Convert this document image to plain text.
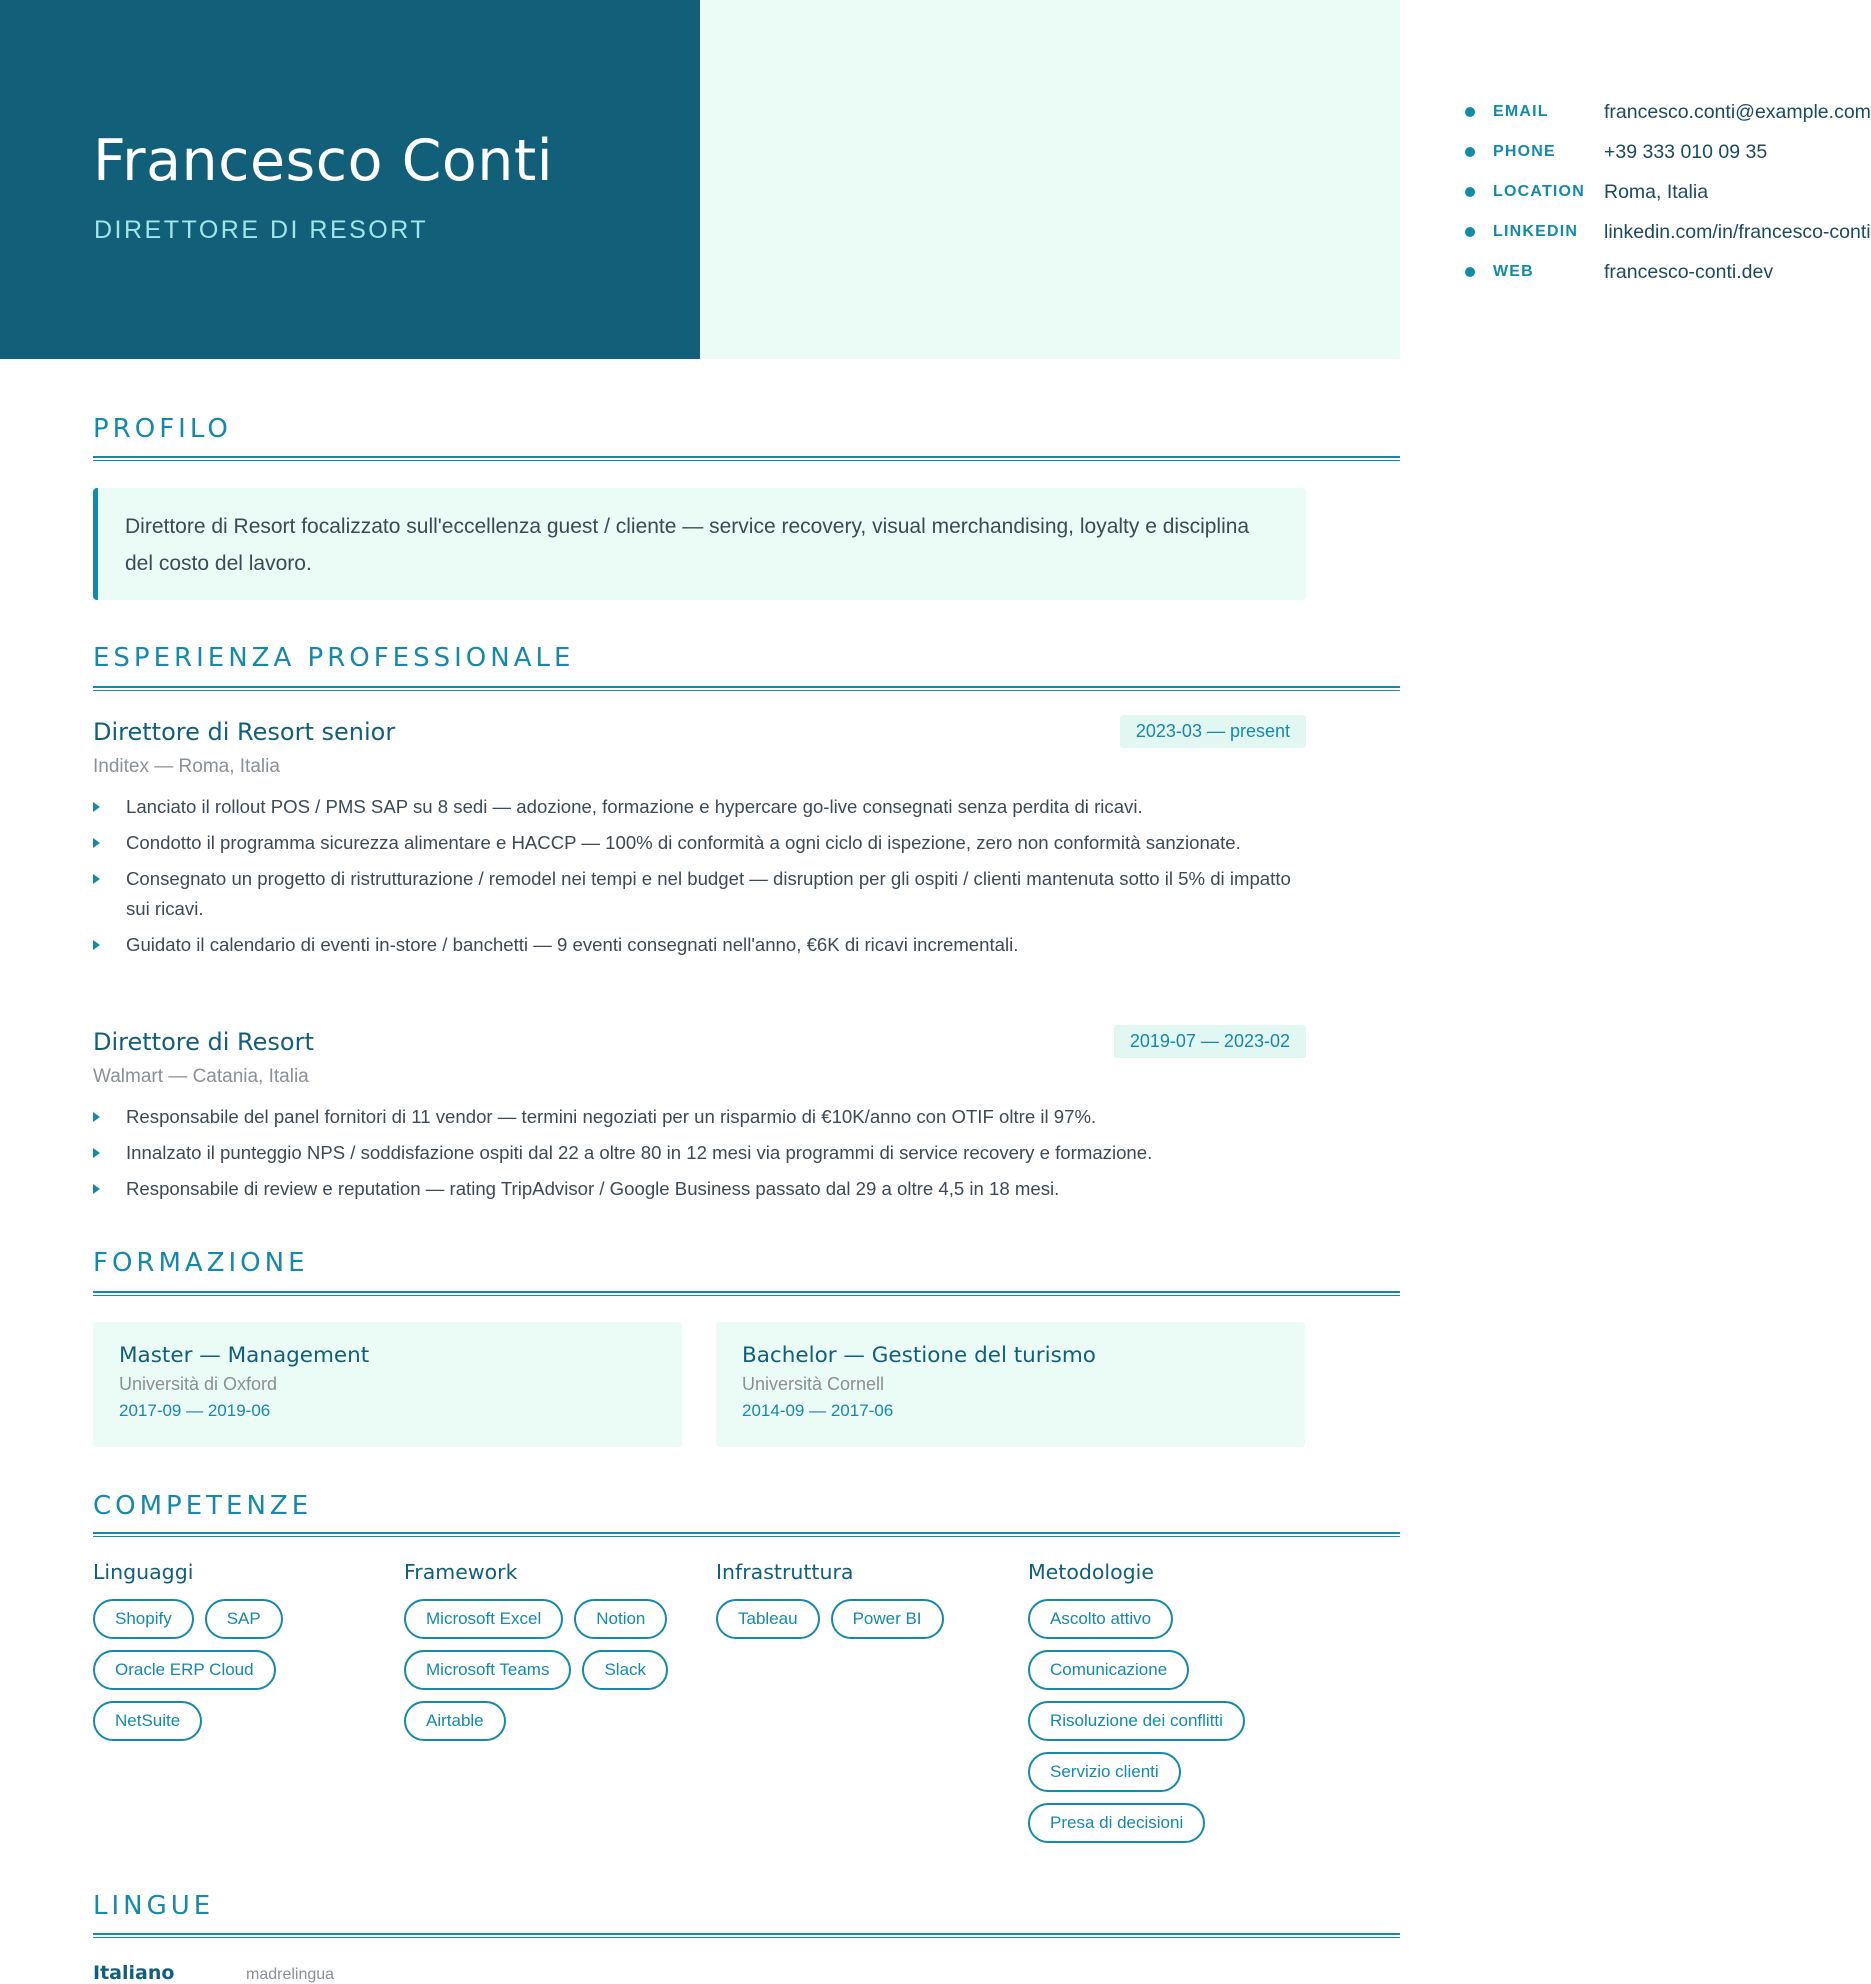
Francesco Conti
DIRETTORE DI RESORT
EMAIL	francesco.conti@example.com
PHONE	+39 333 010 09 35
LOCATION Roma, Italia
LINKEDIN	linkedin.com/in/francesco-conti
WEB	francesco-conti.dev
PROFILO
Direttore di Resort focalizzato sull'eccellenza guest / cliente — service recovery, visual merchandising, loyalty e disciplina del costo del lavoro.
ESPERIENZA PROFESSIONALE
Direttore di Resort senior
Inditex — Roma, Italia
2023-03 — present
Lanciato il rollout POS / PMS SAP su 8 sedi — adozione, formazione e hypercare go-live consegnati senza perdita di ricavi.
Condotto il programma sicurezza alimentare e HACCP — 100% di conformità a ogni ciclo di ispezione, zero non conformità sanzionate.
Consegnato un progetto di ristrutturazione / remodel nei tempi e nel budget — disruption per gli ospiti / clienti mantenuta sotto il 5% di impatto sui ricavi.
Guidato il calendario di eventi in-store / banchetti — 9 eventi consegnati nell'anno, €6K di ricavi incrementali.
Direttore di Resort
Walmart — Catania, Italia
2019-07 — 2023-02
Responsabile del panel fornitori di 11 vendor — termini negoziati per un risparmio di €10K/anno con OTIF oltre il 97%.
Innalzato il punteggio NPS / soddisfazione ospiti dal 22 a oltre 80 in 12 mesi via programmi di service recovery e formazione.
Responsabile di review e reputation — rating TripAdvisor / Google Business passato dal 29 a oltre 4,5 in 18 mesi.
FORMAZIONE
Master — Management
Università di Oxford
2017-09 — 2019-06
Bachelor — Gestione del turismo
Università Cornell
2014-09 — 2017-06
COMPETENZE
Linguaggi
Shopify	SAP
Oracle ERP Cloud
NetSuite
Framework
Microsoft Excel	Notion
Microsoft Teams	Slack
Airtable
Infrastruttura
Tableau	Power BI
Metodologie
Ascolto attivo
Comunicazione
Risoluzione dei conflitti
Servizio clienti
Presa di decisioni
LINGUE
Italiano	madrelingua
